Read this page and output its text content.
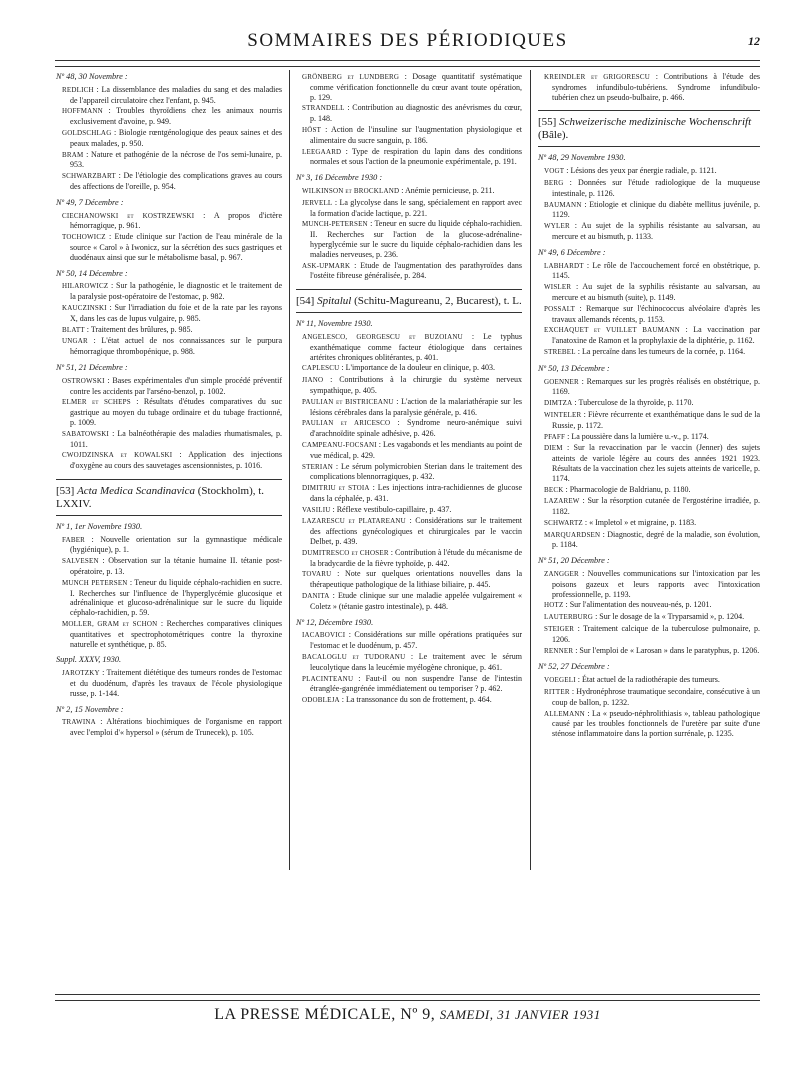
SOMMAIRES DES PÉRIODIQUES	12
Nº 48, 30 Novembre :

REDLICH : La dissemblance des maladies du sang et des maladies de l'appareil circulatoire chez l'enfant, p. 945.

HOFFMANN : Troubles thyroïdiens chez les animaux nourris exclusivement d'avoine, p. 949.

GOLDSCHLAG : Biologie rœntgénologique des peaux saines et des peaux malades, p. 950.

BRAM : Nature et pathogénie de la nécrose de l'os semi-lunaire, p. 953.

SCHWARZBART : De l'étiologie des complications graves au cours des affections de l'oreille, p. 954.

Nº 49, 7 Décembre :

CIECHANOWSKI et KOSTRZEWSKI : A propos d'ictère hémorragique, p. 961.

TOCHOWICZ : Etude clinique sur l'action de l'eau minérale de la source « Carol » à Iwonicz, sur la sécrétion des sucs gastriques et duodénaux ainsi que sur le métabolisme basal, p. 967.

Nº 50, 14 Décembre :

HILAROWICZ : Sur la pathogénie, le diagnostic et le traitement de la paralysie post-opératoire de l'estomac, p. 982.

KAUCZINSKI : Sur l'irradiation du foie et de la rate par les rayons X, dans les cas de lupus vulgaire, p. 985.

BLATT : Traitement des brûlures, p. 985.

UNGAR : L'état actuel de nos connaissances sur le purpura hémorragique thrombopénique, p. 988.

Nº 51, 21 Décembre :

OSTROWSKI : Bases expérimentales d'un simple procédé préventif contre les accidents par l'arséno-benzol, p. 1002.

ELMER et SCHEPS : Résultats d'études comparatives du suc gastrique au moyen du tubage ordinaire et du tubage fractionné, p. 1009.

SABATOWSKI : La balnéothérapie des maladies rhumatismales, p. 1011.

CWOJDZINSKA et KOWALSKI : Application des injections d'oxygène au cours des sauvetages ascensionnistes, p. 1016.

[53] Acta Medica Scandinavica (Stockholm), t. LXXIV.
Nº 1, 1er Novembre 1930.

FABER : Nouvelle orientation sur la gymnastique médicale (hygiénique), p. 1.

SALVESEN : Observation sur la tétanie humaine II. tétanie post-opératoire, p. 13.

MUNCH PETERSEN : Teneur du liquide céphalo-rachidien en sucre. I. Recherches sur l'influence de l'hyperglycémie glucosique et adrénalinique et glucoso-adrénalinique sur le sucre du liquide céphalo-rachidien, p. 59.

MOLLER, GRAM et SCHON : Recherches comparatives cliniques quantitatives et spectrophotométriques contre la thyroxine naturelle et synthétique, p. 85.

Suppl. XXXV, 1930.

JAROTZKY : Traitement diététique des tumeurs rondes de l'estomac et du duodénum, d'après les travaux de l'école physiologique russe, p. 1-144.

Nº 2, 15 Novembre :

TRAWINA : Altérations biochimiques de l'organisme en rapport avec l'emploi d'« hypersol » (sérum de Trunecek), p. 105.

GRÖNBERG et LUNDBERG : Dosage quantitatif systématique comme vérification fonctionnelle du cœur avant toute opération, p. 129.

STRANDELL : Contribution au diagnostic des anévrismes du cœur, p. 148.

HÖST : Action de l'insuline sur l'augmentation physiologique et alimentaire du sucre sanguin, p. 186.

LEEGAARD : Type de respiration du lapin dans des conditions normales et sous l'action de la pneumonie expérimentale, p. 191.

Nº 3, 16 Décembre 1930 :

WILKINSON et BROCKLAND : Anémie pernicieuse, p. 211.

JERVELL : La glycolyse dans le sang, spécialement en rapport avec la formation d'acide lactique, p. 221.

MUNCH-PETERSEN : Teneur en sucre du liquide céphalo-rachidien. II. Recherches sur l'action de la glucose-adrénaline-hyperglycémie sur le sucre du liquide céphalo-rachidien dans les maladies nerveuses, p. 236.

ASK-UPMARK : Etude de l'augmentation des parathyroïdes dans l'ostéite fibreuse généralisée, p. 284.

[54] Spitalul (Schitu-Magureanu, 2, Bucarest), t. L.
Nº 11, Novembre 1930.

ANGELESCO, GEORGESCU et BUZOIANU : Le typhus exanthématique comme facteur étiologique dans certaines artérites chroniques oblitérantes, p. 401.

CAPLESCU : L'importance de la douleur en clinique, p. 403.

JIANO : Contributions à la chirurgie du système nerveux sympathique, p. 405.

PAULIAN et BISTRICEANU : L'action de la malariathérapie sur les lésions cérébrales dans la paralysie générale, p. 416.

PAULIAN et ARICESCO : Syndrome neuro-anémique suivi d'arachnoïdite spinale adhésive, p. 426.

CAMPEANU-FOCSANI : Les vagabonds et les mendiants au point de vue médical, p. 429.

STERIAN : Le sérum polymicrobien Sterian dans le traitement des complications blennorragiques, p. 432.

DIMITRIU et STOIA : Les injections intra-rachidiennes de glucose dans la céphalée, p. 431.

VASILIU : Réflexe vestibulo-capillaire, p. 437.

LAZARESCU et PLATAREANU : Considérations sur le traitement des affections gynécologiques et chirurgicales par le vaccin Delbet, p. 439.

DUMITRESCO et CHOSER : Contribution à l'étude du mécanisme de la bradycardie de la fièvre typhoïde, p. 442.

TOVARU : Note sur quelques orientations nouvelles dans la thérapeutique pathologique de la lithiase biliaire, p. 445.

DANITA : Etude clinique sur une maladie appelée vulgairement « Coletz » (tétanie gastro intestinale), p. 448.

Nº 12, Décembre 1930.

IACABOVICI : Considérations sur mille opérations pratiquées sur l'estomac et le duodénum, p. 457.

BACALOGLU et TUDORANU : Le traitement avec le sérum leucolytique dans la leucémie myélogène chronique, p. 461.

PLACINTEANU : Faut-il ou non suspendre l'anse de l'intestin étranglée-gangrénée immédiatement ou temporiser ? p. 462.

ODOBLEJA : La transsonance du son de frottement, p. 464.

KREINDLER et GRIGORESCU : Contributions à l'étude des syndromes infundibulo-tubériens. Syndrome infundibulo-tubérien chez un pseudo-bulbaire, p. 466.

[55] Schweizerische medizinische Wochenschrift (Bâle).
Nº 48, 29 Novembre 1930.

VOGT : Lésions des yeux par énergie radiale, p. 1121.

BERG : Données sur l'étude radiologique de la muqueuse intestinale, p. 1126.

BAUMANN : Etiologie et clinique du diabète mellitus juvénile, p. 1129.

WYLER : Au sujet de la syphilis résistante au salvarsan, au mercure et au bismuth, p. 1133.

Nº 49, 6 Décembre :

LABHARDT : Le rôle de l'accouchement forcé en obstétrique, p. 1145.

WISLER : Au sujet de la syphilis résistante au salvarsan, au mercure et au bismuth (suite), p. 1149.

POSSALT : Remarque sur l'échinococcus alvéolaire d'après les travaux allemands récents, p. 1153.

EXCHAQUET et VUILLET BAUMANN : La vaccination par l'anatoxine de Ramon et la prophylaxie de la diphtérie, p. 1162.

STREBEL : La percaïne dans les tumeurs de la cornée, p. 1164.

Nº 50, 13 Décembre :

GOENNER : Remarques sur les progrès réalisés en obstétrique, p. 1169.

DIMTZA : Tuberculose de la thyroïde, p. 1170.

WINTELER : Fièvre récurrente et exanthématique dans le sud de la Russie, p. 1172.

PFAFF : La poussière dans la lumière u.-v., p. 1174.

DIEM : Sur la revaccination par le vaccin (Jenner) des sujets atteints de variole légère au cours des années 1921 1923. Résultats de la vaccination chez les sujets atteints de varicelle, p. 1174.

BECK : Pharmacologie de Baldrianu, p. 1180.

LAZAREW : Sur la résorption cutanée de l'ergostérine irradiée, p. 1182.

SCHWARTZ : « Impletol » et migraine, p. 1183.

MARQUARDSEN : Diagnostic, degré de la maladie, son évolution, p. 1184.

Nº 51, 20 Décembre :

ZANGGER : Nouvelles communications sur l'intoxication par les poisons gazeux et leurs rapports avec l'intoxication professionnelle, p. 1193.

HOTZ : Sur l'alimentation des nouveau-nés, p. 1201.

LAUTERBURG : Sur le dosage de la « Tryparsamid », p. 1204.

STEIGER : Traitement calcique de la tuberculose pulmonaire, p. 1206.

RENNER : Sur l'emploi de « Larosan » dans le paratyphus, p. 1206.

Nº 52, 27 Décembre :

VOEGELI : État actuel de la radiothérapie des tumeurs.

RITTER : Hydronéphrose traumatique secondaire, consécutive à un coup de ballon, p. 1232.

ALLEMANN : La « pseudo-néphrolithiasis », tableau pathologique causé par les troubles fonctionnels de l'uretère par suite d'une sténose inflammatoire dans la portion surrénale, p. 1235.

LA PRESSE MÉDICALE, Nº 9, SAMEDI, 31 JANVIER 1931
